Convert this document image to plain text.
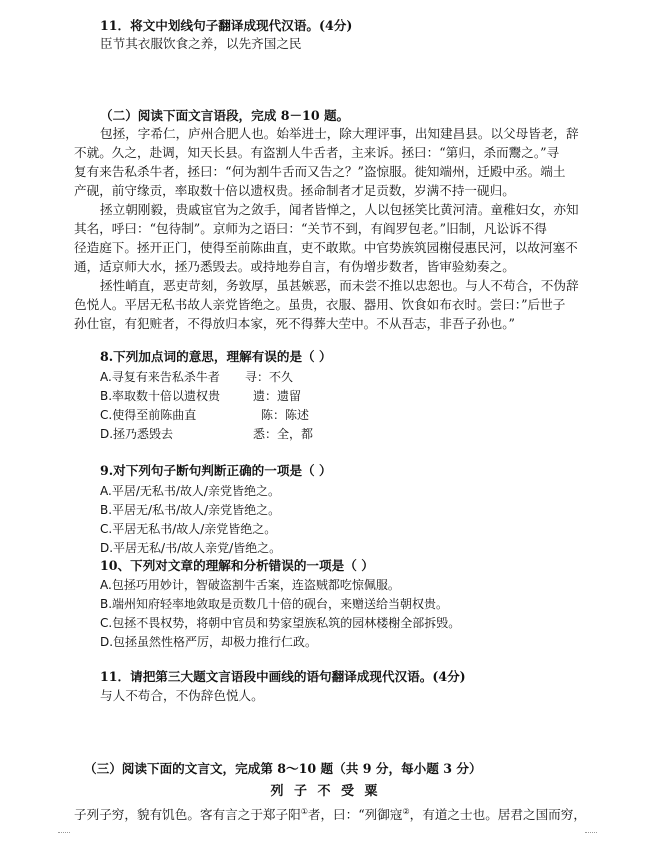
11．将文中划线句子翻译成现代汉语。(4分)
臣节其衣服饮食之养，以先齐国之民
（二）阅读下面文言语段，完成 8－10 题。
包拯，字希仁，庐州合肥人也。始举进士，除大理评事，出知建昌县。以父母皆老，辞
不就。久之，赴调，知天长县。有盗割人牛舌者，主来诉。拯曰：“第归，杀而鬻之。”寻
复有来告私杀牛者，拯曰：“何为割牛舌而又告之？”盗惊服。徙知端州，迁殿中丞。端土
产砚，前守缘贡，率取数十倍以遗权贵。拯命制者才足贡数，岁满不持一砚归。
拯立朝刚毅，贵戚宦官为之敛手，闻者皆惮之，人以包拯笑比黄河清。童稚妇女，亦知
其名，呼曰：“包待制”。京师为之语曰：“关节不到，有阎罗包老。”旧制，凡讼诉不得
径造庭下。拯开正门，使得至前陈曲直，吏不敢欺。中官势族筑园榭侵惠民河，以故河塞不
通，适京师大水，拯乃悉毁去。或持地券自言，有伪增步数者，皆审验劾奏之。
拯性峭直，恶吏苛刻，务敦厚，虽甚嫉恶，而未尝不推以忠恕也。与人不苟合，不伪辞
色悦人。平居无私书故人亲党皆绝之。虽贵，衣服、器用、饮食如布衣时。尝曰：”后世子
孙仕宦，有犯赃者，不得放归本家，死不得葬大茔中。不从吾志，非吾子孙也。”
8.下列加点词的意思，理解有误的是（ ）
A.寻复有来告私杀牛者 寻：不久
B.率取数十倍以遗权贵	遗：遗留
C.使得至前陈曲直	陈：陈述
D.拯乃悉毁去	悉：全，都
9.对下列句子断句判断正确的一项是（ ）
A.平居/无私书/故人/亲党皆绝之。
B.平居无/私书/故人/亲党皆绝之。
C.平居无私书/故人/亲党皆绝之。
D.平居无私/书/故人亲党/皆绝之。
10、下列对文章的理解和分析错误的一项是（ ）
A.包拯巧用妙计，智破盗割牛舌案，连盗贼都吃惊佩服。
B.端州知府轻率地敛取是贡数几十倍的砚台，来赠送给当朝权贵。
C.包拯不畏权势，将朝中官员和势家望族私筑的园林楼榭全部拆毁。
D.包拯虽然性格严厉，却极力推行仁政。
11．请把第三大题文言语段中画线的语句翻译成现代汉语。(4分)
与人不苟合，不伪辞色悦人。
（三）阅读下面的文言文，完成第 8～10 题（共 9 分，每小题 3 分）
列 子 不 受 粟
子列子穷，貌有饥色。客有言之于郑子阳①者，曰：“列御寇②，有道之士也。居君之国而穷，
